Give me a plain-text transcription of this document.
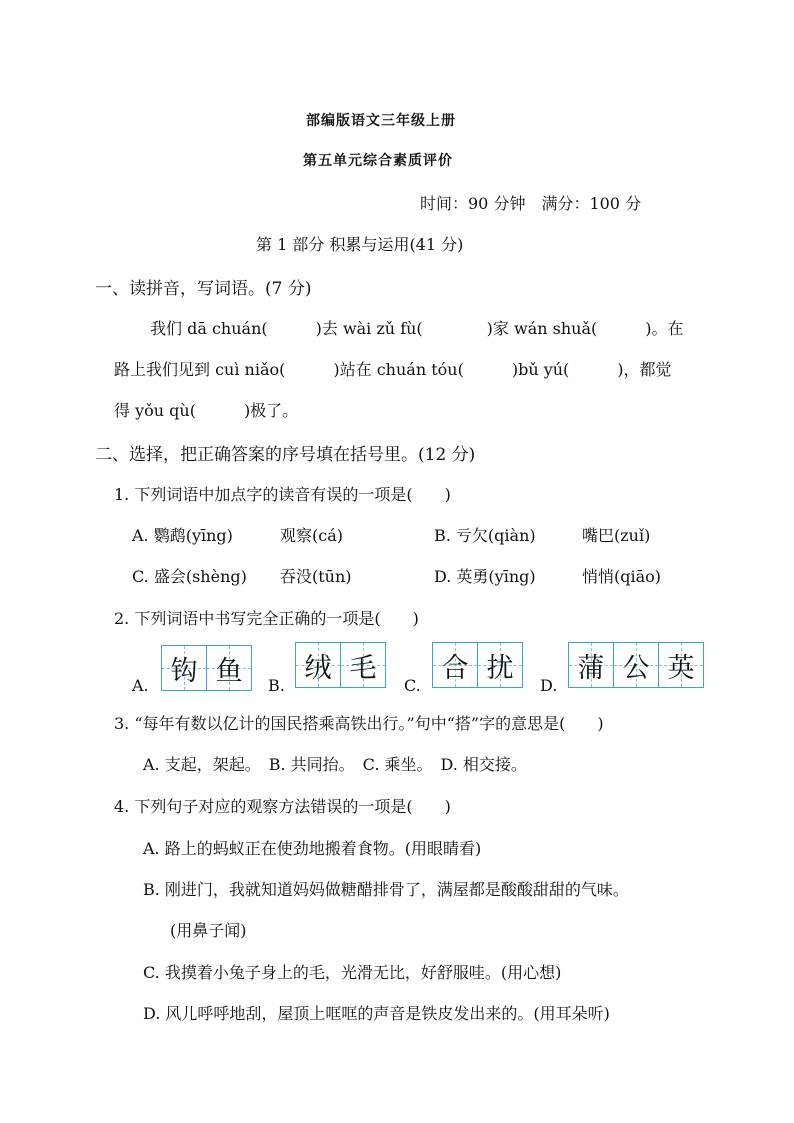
部编版语文三年级上册
第五单元综合素质评价
时间：90 分钟　满分：100 分
第 1 部分 积累与运用(41 分)
一、读拼音，写词语。(7 分)
我们 dā chuán(　　　)去 wài zǔ fù(　　　　)家 wán shuǎ(　　　)。在
路上我们见到 cuì niǎo(　　　)站在 chuán tóu(　　　)bǔ yú(　　　)，都觉
得 yǒu qù(　　　)极了。
二、选择，把正确答案的序号填在括号里。(12 分)
1. 下列词语中加点字的读音有误的一项是(　　)
A. 鹦鹉(yīng)	观察(cá)	B. 亏欠(qiàn)	嘴巴(zuǐ)
C. 盛会(shèng) 吞没(tūn)	D. 英勇(yīng)	悄悄(qiāo)
2. 下列词语中书写完全正确的一项是(　　)
A. 钩 鱼 B.
绒 毛
C.
合 扰
D.
蒲 公 英
3. “每年有数以亿计的国民搭乘高铁出行。”句中“搭”字的意思是(　　)
A. 支起，架起。　B. 共同抬。　C. 乘坐。　D. 相交接。
4. 下列句子对应的观察方法错误的一项是(　　)
A. 路上的蚂蚁正在使劲地搬着食物。(用眼睛看)
B. 刚进门，我就知道妈妈做糖醋排骨了，满屋都是酸酸甜甜的气味。
(用鼻子闻)
C. 我摸着小兔子身上的毛，光滑无比，好舒服哇。(用心想)
D. 风儿呼呼地刮，屋顶上哐哐的声音是铁皮发出来的。(用耳朵听)
